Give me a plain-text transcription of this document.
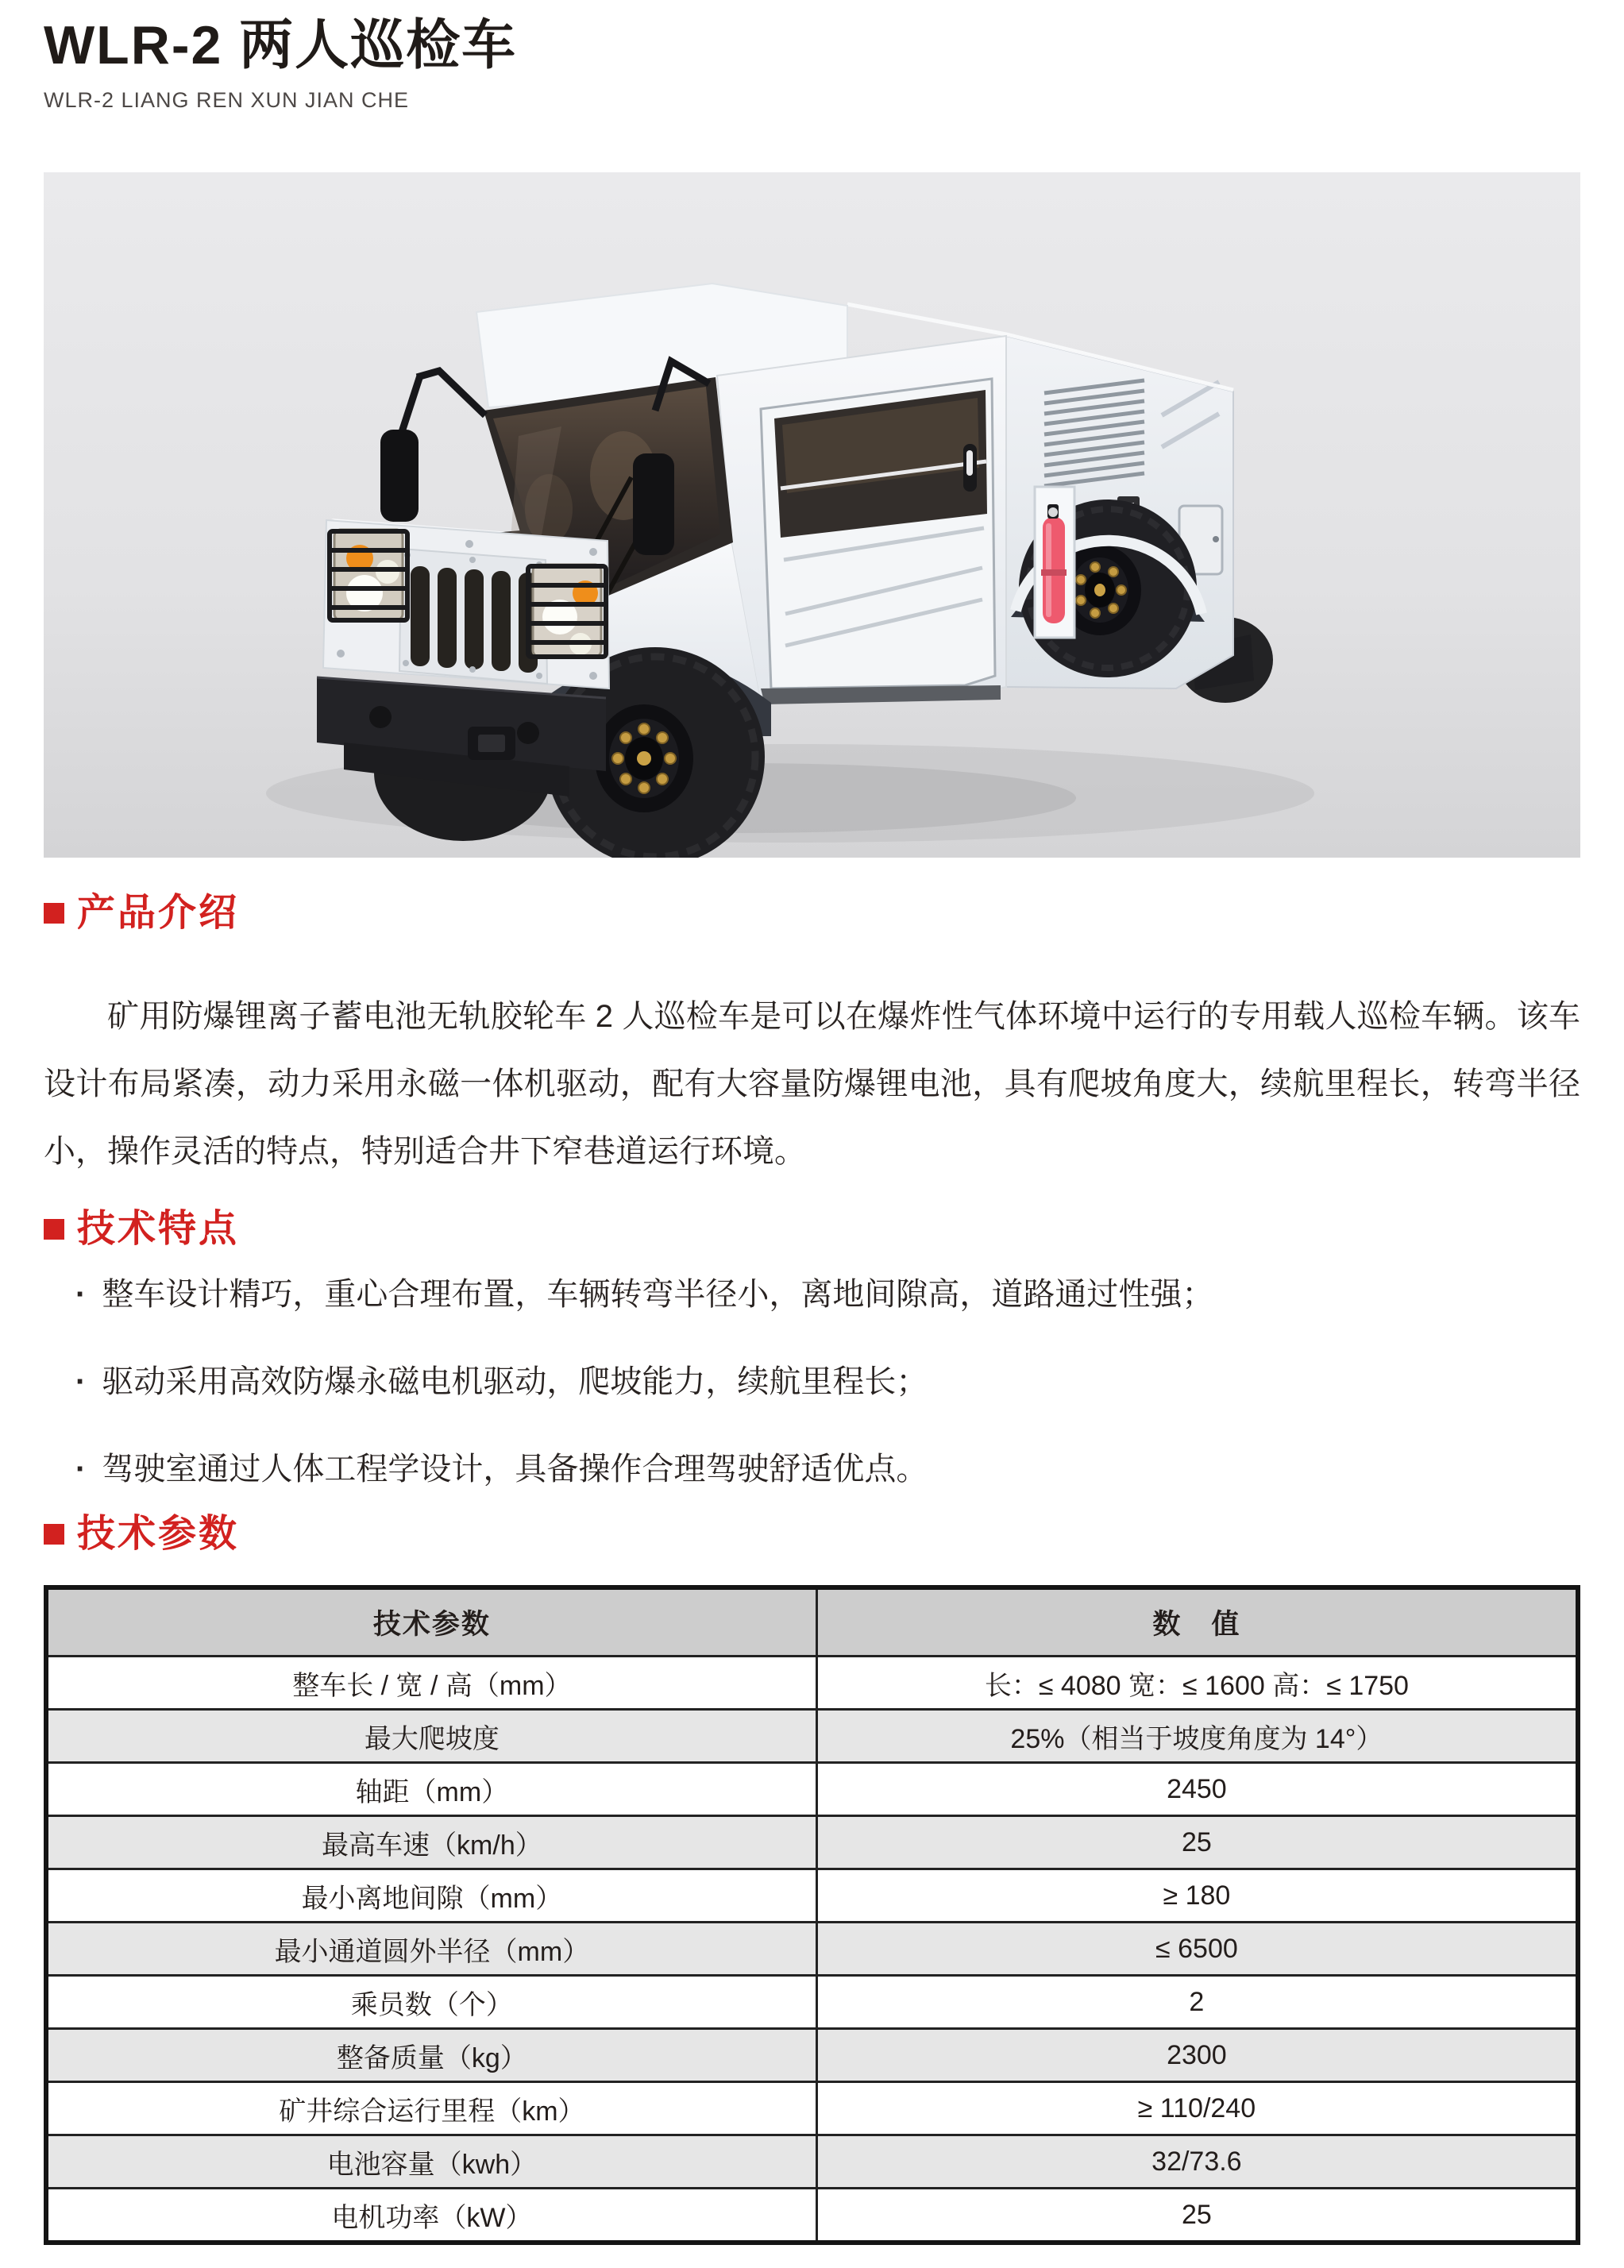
WLR-2 两人巡检车
WLR-2 LIANG REN XUN JIAN CHE
产品介绍

矿用防爆锂离子蓄电池无轨胶轮车 2 人巡检车是可以在爆炸性气体环境中运行的专用载人巡检车辆。该车设计布局紧凑，动力采用永磁一体机驱动，配有大容量防爆锂电池，具有爬坡角度大，续航里程长，转弯半径小，操作灵活的特点，特别适合井下窄巷道运行环境。

技术特点
· 整车设计精巧，重心合理布置，车辆转弯半径小，离地间隙高，道路通过性强；
· 驱动采用高效防爆永磁电机驱动，爬坡能力，续航里程长；
· 驾驶室通过人体工程学设计，具备操作合理驾驶舒适优点。
技术参数
技术参数	数　值
整车长 / 宽 / 高（mm）	长：≤ 4080 宽：≤ 1600 高：≤ 1750
最大爬坡度	25%（相当于坡度角度为 14°）
轴距（mm）	2450
最高车速（km/h）	25
最小离地间隙（mm）	≥ 180
最小通道圆外半径（mm）	≤ 6500
乘员数（个）	2
整备质量（kg）	2300
矿井综合运行里程（km）	≥ 110/240
电池容量（kwh）	32/73.6
电机功率（kW）	25
